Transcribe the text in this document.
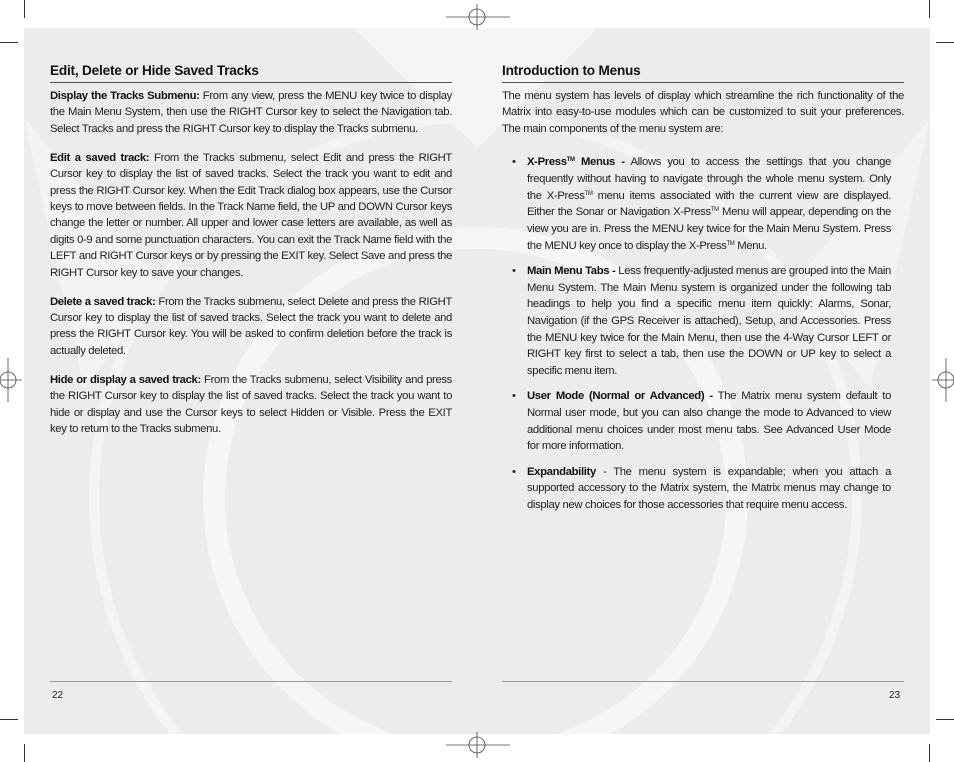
Edit, Delete or Hide Saved Tracks

Display the Tracks Submenu: From any view, press the MENU key twice to display the Main Menu System, then use the RIGHT Cursor key to select the Navigation tab. Select Tracks and press the RIGHT Cursor key to display the Tracks submenu.

Edit a saved track: From the Tracks submenu, select Edit and press the RIGHT Cursor key to display the list of saved tracks. Select the track you want to edit and press the RIGHT Cursor key. When the Edit Track dialog box appears, use the Cursor keys to move between fields. In the Track Name field, the UP and DOWN Cursor keys change the letter or number. All upper and lower case letters are available, as well as digits 0-9 and some punctuation characters. You can exit the Track Name field with the LEFT and RIGHT Cursor keys or by pressing the EXIT key. Select Save and press the RIGHT Cursor key to save your changes.

Delete a saved track: From the Tracks submenu, select Delete and press the RIGHT Cursor key to display the list of saved tracks. Select the track you want to delete and press the RIGHT Cursor key. You will be asked to confirm deletion before the track is actually deleted.

Hide or display a saved track: From the Tracks submenu, select Visibility and press the RIGHT Cursor key to display the list of saved tracks. Select the track you want to hide or display and use the Cursor keys to select Hidden or Visible. Press the EXIT key to return to the Tracks submenu.

Introduction to Menus

The menu system has levels of display which streamline the rich functionality of the Matrix into easy-to-use modules which can be customized to suit your preferences. The main components of the menu system are:

• X-Press™ Menus - Allows you to access the settings that you change frequently without having to navigate through the whole menu system. Only the X-Press™ menu items associated with the current view are displayed. Either the Sonar or Navigation X-Press™ Menu will appear, depending on the view you are in. Press the MENU key twice for the Main Menu System. Press the MENU key once to display the X-Press™ Menu.
• Main Menu Tabs - Less frequently-adjusted menus are grouped into the Main Menu System. The Main Menu system is organized under the following tab headings to help you find a specific menu item quickly: Alarms, Sonar, Navigation (if the GPS Receiver is attached), Setup, and Accessories. Press the MENU key twice for the Main Menu, then use the 4-Way Cursor LEFT or RIGHT key first to select a tab, then use the DOWN or UP key to select a specific menu item.
• User Mode (Normal or Advanced) - The Matrix menu system default to Normal user mode, but you can also change the mode to Advanced to view additional menu choices under most menu tabs. See Advanced User Mode for more information.
• Expandability - The menu system is expandable; when you attach a supported accessory to the Matrix system, the Matrix menus may change to display new choices for those accessories that require menu access.
22	23
